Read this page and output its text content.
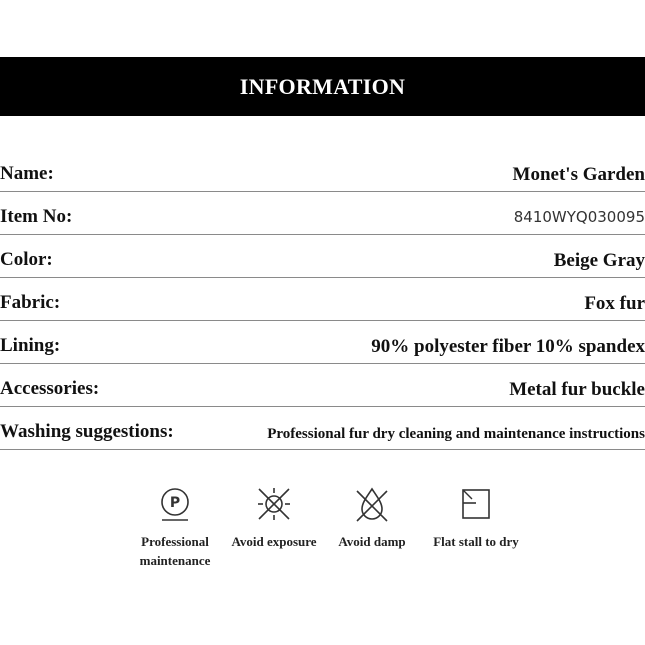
INFORMATION
Name:	Monet's Garden
Item No:	8410WYQ030095
Color:	Beige Gray
Fabric:	Fox fur
Lining:	90% polyester fiber 10% spandex
Accessories:	Metal fur buckle
Washing suggestions:	Professional fur dry cleaning and maintenance instructions
P
Professional
maintenance
Avoid exposure	Avoid damp	Flat stall to dry
